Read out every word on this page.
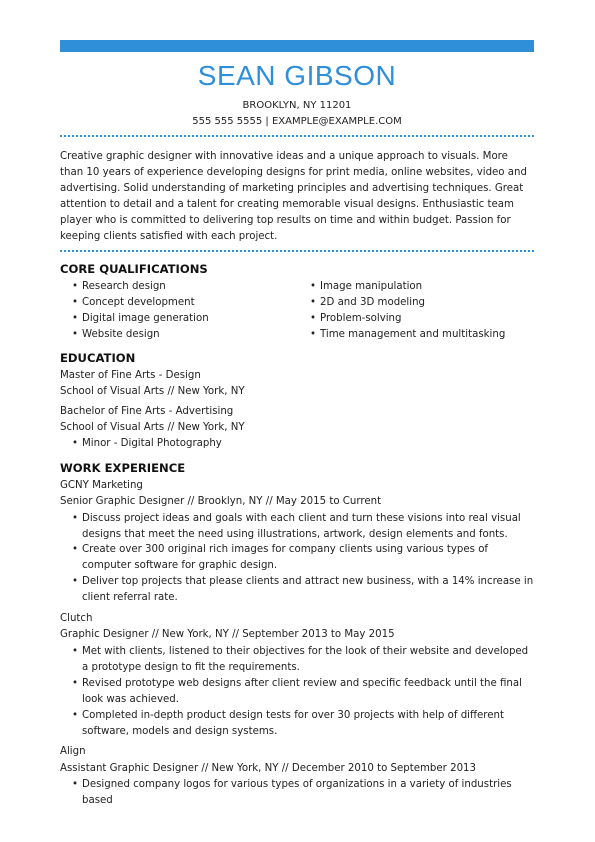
SEAN GIBSON
BROOKLYN, NY 11201
555 555 5555 | EXAMPLE@EXAMPLE.COM
Creative graphic designer with innovative ideas and a unique approach to visuals. More than 10 years of experience developing designs for print media, online websites, video and advertising. Solid understanding of marketing principles and advertising techniques. Great attention to detail and a talent for creating memorable visual designs. Enthusiastic team player who is committed to delivering top results on time and within budget. Passion for keeping clients satisfied with each project.
CORE QUALIFICATIONS
• Research design
• Concept development
• Digital image generation
• Website design
• Image manipulation
• 2D and 3D modeling
• Problem-solving
• Time management and multitasking
EDUCATION
Master of Fine Arts - Design
School of Visual Arts // New York, NY
Bachelor of Fine Arts - Advertising
School of Visual Arts // New York, NY
• Minor - Digital Photography
WORK EXPERIENCE
GCNY Marketing
Senior Graphic Designer // Brooklyn, NY // May 2015 to Current
• Discuss project ideas and goals with each client and turn these visions into real visual designs that meet the need using illustrations, artwork, design elements and fonts.
• Create over 300 original rich images for company clients using various types of computer software for graphic design.
• Deliver top projects that please clients and attract new business, with a 14% increase in client referral rate.
Clutch
Graphic Designer // New York, NY // September 2013 to May 2015
• Met with clients, listened to their objectives for the look of their website and developed a prototype design to fit the requirements.
• Revised prototype web designs after client review and specific feedback until the final look was achieved.
• Completed in-depth product design tests for over 30 projects with help of different software, models and design systems.
Align
Assistant Graphic Designer // New York, NY // December 2010 to September 2013
• Designed company logos for various types of organizations in a variety of industries based
